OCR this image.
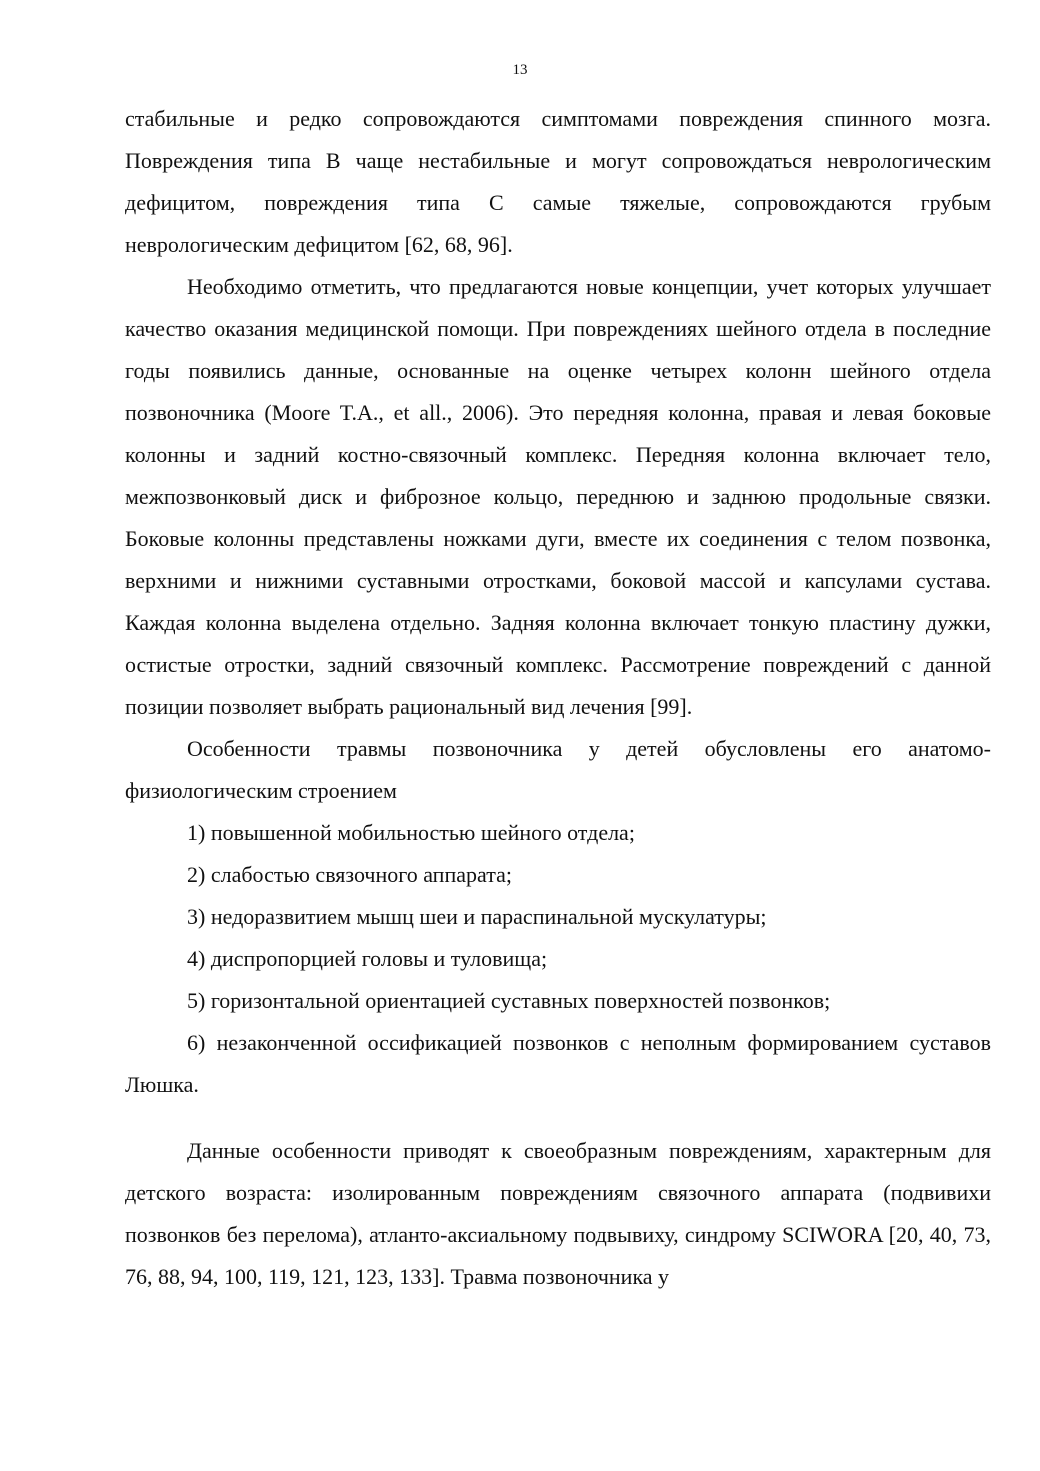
13

стабильные и редко сопровождаются симптомами повреждения спинного мозга. Повреждения типа В чаще нестабильные и могут сопровождаться неврологическим дефицитом, повреждения типа С самые тяжелые, сопровождаются грубым неврологическим дефицитом [62, 68, 96].

Необходимо отметить, что предлагаются новые концепции, учет которых улучшает качество оказания медицинской помощи. При повреждениях шейного отдела в последние годы появились данные, основанные на оценке четырех колонн шейного отдела позвоночника (Moore T.A., et all., 2006). Это передняя колонна, правая и левая боковые колонны и задний костно-связочный комплекс. Передняя колонна включает тело, межпозвонковый диск и фиброзное кольцо, переднюю и заднюю продольные связки. Боковые колонны представлены ножками дуги, вместе их соединения с телом позвонка, верхними и нижними суставными отростками, боковой массой и капсулами сустава. Каждая колонна выделена отдельно. Задняя колонна включает тонкую пластину дужки, остистые отростки, задний связочный комплекс. Рассмотрение повреждений с данной позиции позволяет выбрать рациональный вид лечения [99].

Особенности травмы позвоночника у детей обусловлены его анатомо-физиологическим строением

1) повышенной мобильностью шейного отдела;
2) слабостью связочного аппарата;
3) недоразвитием мышц шеи и параспинальной мускулатуры;
4) диспропорцией головы и туловища;
5) горизонтальной ориентацией суставных поверхностей позвонков;
6) незаконченной оссификацией позвонков с неполным формированием суставов Люшка.

Данные особенности приводят к своеобразным повреждениям, характерным для детского возраста: изолированным повреждениям связочного аппарата (подвивихи позвонков без перелома), атланто-аксиальному подвывиху, синдрому SCIWORA [20, 40, 73, 76, 88, 94, 100, 119, 121, 123, 133]. Травма позвоночника у
